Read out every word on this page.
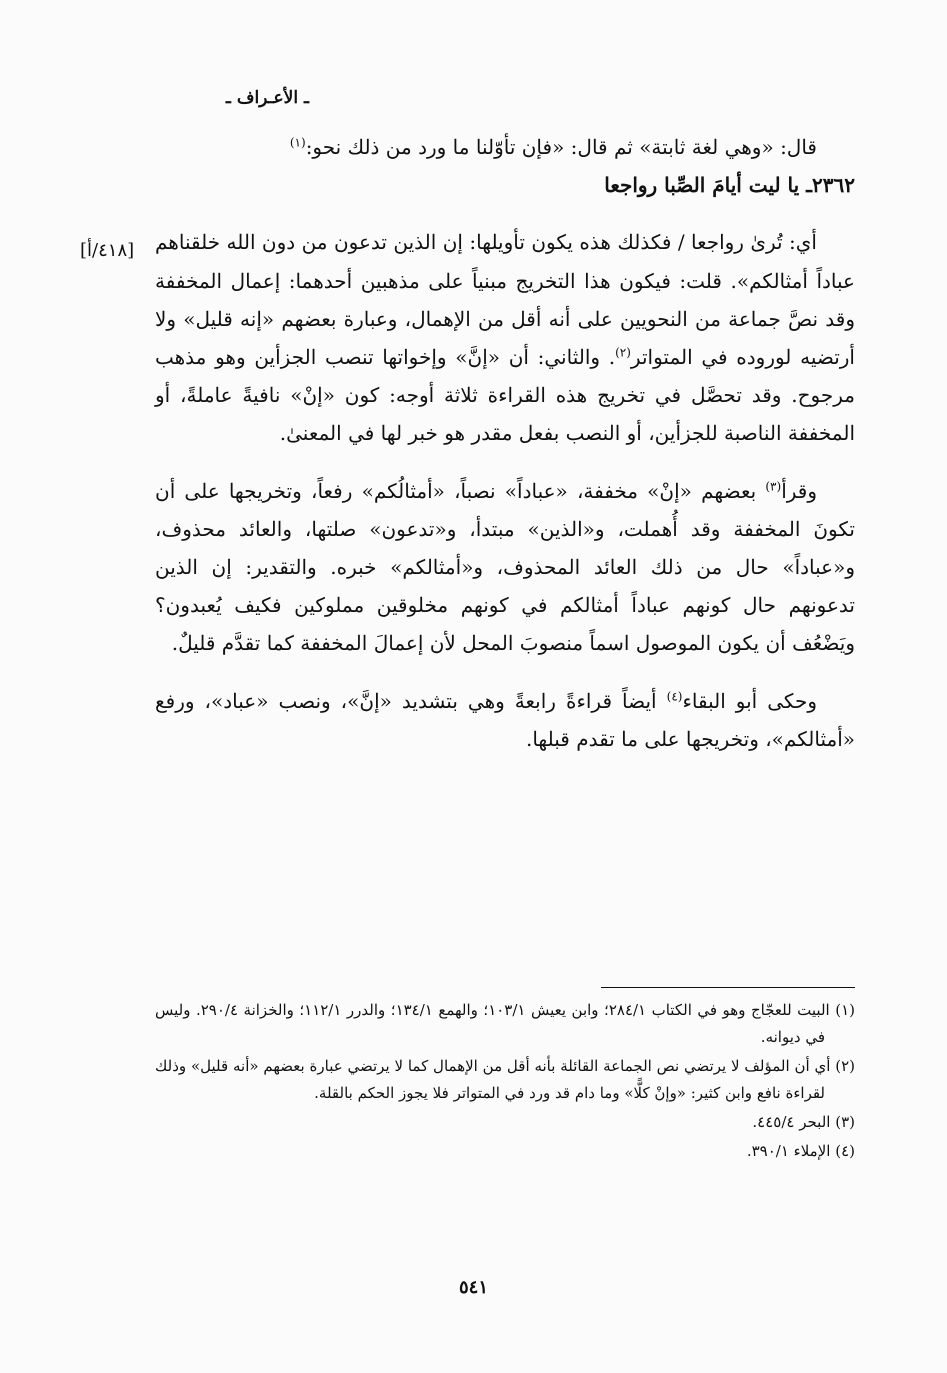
ـ الأعـراف ـ
[٤١٨/أ]

قال: «وهي لغة ثابتة» ثم قال: «فإن تأوّلنا ما ورد من ذلك نحو:$^{(١)}$

٢٣٦٢ـ يا ليت أيامَ الصِّبا رواجعا

أي: تُرىٰ رواجعا / فكذلك هذه يكون تأويلها: إن الذين تدعون من دون الله خلقناهم عباداً أمثالكم». قلت: فيكون هذا التخريج مبنياً على مذهبين أحدهما: إعمال المخففة وقد نصَّ جماعة من النحويين على أنه أقل من الإهمال، وعبارة بعضهم «إنه قليل» ولا أرتضيه لوروده في المتواتر$^{(٢)}$. والثاني: أن «إنَّ» وإخواتها تنصب الجزأين وهو مذهب مرجوح. وقد تحصَّل في تخريج هذه القراءة ثلاثة أوجه: كون «إنْ» نافيةً عاملةً، أو المخففة الناصبة للجزأين، أو النصب بفعل مقدر هو خبر لها في المعنىٰ.

وقرأ$^{(٣)}$ بعضهم «إنْ» مخففة، «عباداً» نصباً، «أمثالُكم» رفعاً، وتخريجها على أن تكونَ المخففة وقد أُهملت، و«الذين» مبتدأ، و«تدعون» صلتها، والعائد محذوف، و«عباداً» حال من ذلك العائد المحذوف، و«أمثالكم» خبره. والتقدير: إن الذين تدعونهم حال كونهم عباداً أمثالكم في كونهم مخلوقين مملوكين فكيف يُعبدون؟ ويَضْعُف أن يكون الموصول اسماً منصوبَ المحل لأن إعمالَ المخففة كما تقدَّم قليلٌ.

وحكى أبو البقاء$^{(٤)}$ أيضاً قراءةً رابعةً وهي بتشديد «إنَّ»، ونصب «عباد»، ورفع «أمثالكم»، وتخريجها على ما تقدم قبلها.

(١) البيت للعجّاج وهو في الكتاب ٢٨٤/١؛ وابن يعيش ١٠٣/١؛ والهمع ١٣٤/١؛ والدرر ١١٢/١؛ والخزانة ٢٩٠/٤. وليس في ديوانه.

(٢) أي أن المؤلف لا يرتضي نص الجماعة القائلة بأنه أقل من الإهمال كما لا يرتضي عبارة بعضهم «أنه قليل» وذلك لقراءة نافع وابن كثير: «وإنْ كلًّا» وما دام قد ورد في المتواتر فلا يجوز الحكم بالقلة.

(٣) البحر ٤٤٥/٤.

(٤) الإملاء ٣٩٠/١.

٥٤١
